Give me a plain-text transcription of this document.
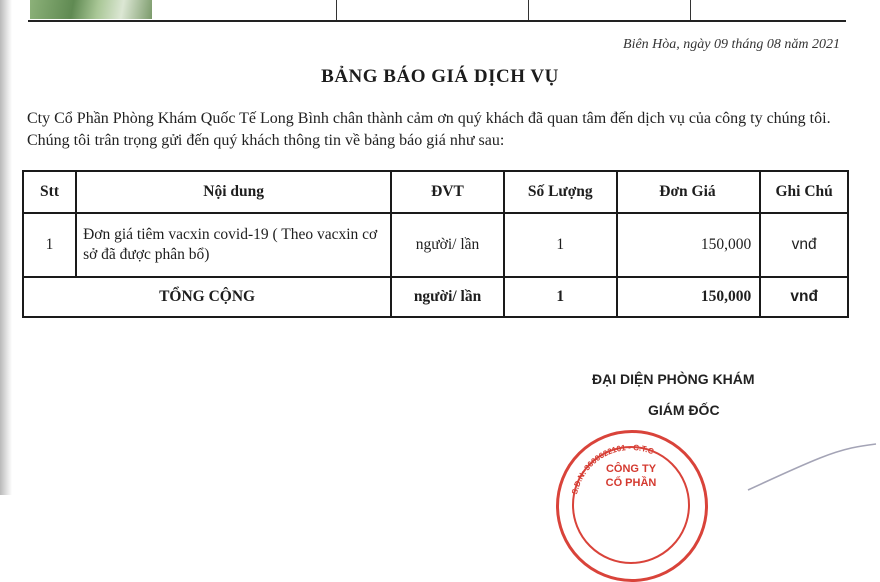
Biên Hòa, ngày 09 tháng 08 năm 2021
BẢNG BÁO GIÁ DỊCH VỤ
Cty Cổ Phần Phòng Khám Quốc Tế Long Bình chân thành cảm ơn quý khách đã quan tâm đến dịch vụ của công ty chúng tôi. Chúng tôi trân trọng gửi đến quý khách thông tin về bảng báo giá như sau:
Stt	Nội dung	ĐVT	Số Lượng	Đơn Giá	Ghi Chú
1	Đơn giá tiêm vacxin covid-19 ( Theo vacxin cơ sở đã được phân bổ)	người/ lần	1	150,000	vnđ
TỔNG CỘNG		người/ lần	1	150,000	vnđ
ĐẠI DIỆN PHÒNG KHÁM
GIÁM ĐỐC
S.Đ.N: 3600622161 - C.T.C
CÔNG TY
CỔ PHẦN
